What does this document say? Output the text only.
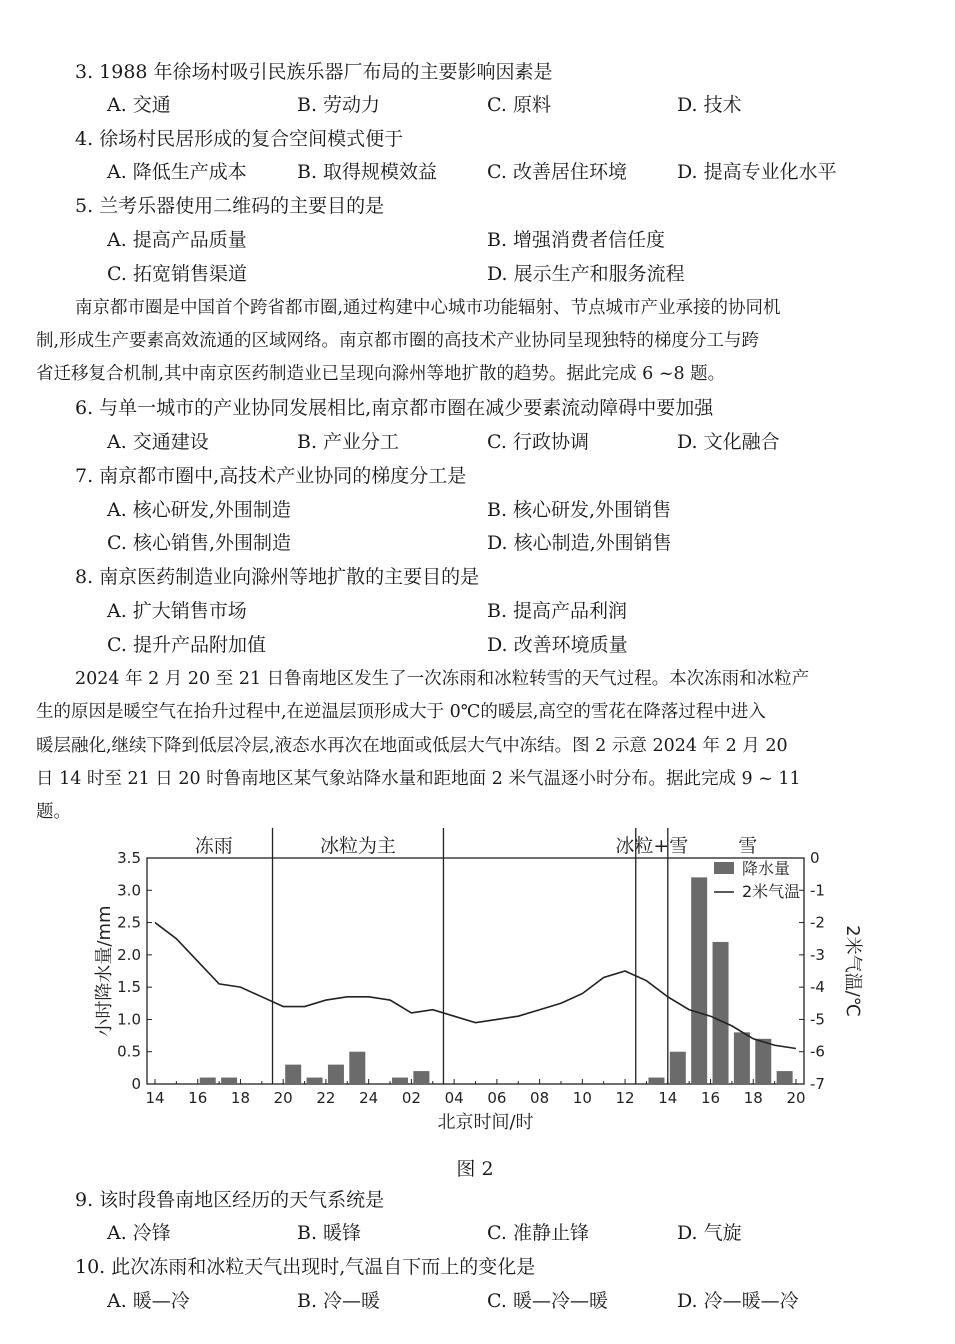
3. 1988 年徐场村吸引民族乐器厂布局的主要影响因素是
A. 交通	B. 劳动力	C. 原料	D. 技术
4. 徐场村民居形成的复合空间模式便于
A. 降低生产成本	B. 取得规模效益	C. 改善居住环境	D. 提高专业化水平
5. 兰考乐器使用二维码的主要目的是
A. 提高产品质量	B. 增强消费者信任度
C. 拓宽销售渠道	D. 展示生产和服务流程
南京都市圈是中国首个跨省都市圈,通过构建中心城市功能辐射、节点城市产业承接的协同机
制,形成生产要素高效流通的区域网络。南京都市圈的高技术产业协同呈现独特的梯度分工与跨
省迁移复合机制,其中南京医药制造业已呈现向滁州等地扩散的趋势。据此完成 6 ~8 题。
6. 与单一城市的产业协同发展相比,南京都市圈在减少要素流动障碍中要加强
A. 交通建设	B. 产业分工	C. 行政协调	D. 文化融合
7. 南京都市圈中,高技术产业协同的梯度分工是
A. 核心研发,外围制造	B. 核心研发,外围销售
C. 核心销售,外围制造	D. 核心制造,外围销售
8. 南京医药制造业向滁州等地扩散的主要目的是
A. 扩大销售市场	B. 提高产品利润
C. 提升产品附加值	D. 改善环境质量
2024 年 2 月 20 至 21 日鲁南地区发生了一次冻雨和冰粒转雪的天气过程。本次冻雨和冰粒产
生的原因是暖空气在抬升过程中,在逆温层顶形成大于 0℃的暖层,高空的雪花在降落过程中进入
暖层融化,继续下降到低层冷层,液态水再次在地面或低层大气中冻结。图 2 示意 2024 年 2 月 20
日 14 时至 21 日 20 时鲁南地区某气象站降水量和距地面 2 米气温逐小时分布。据此完成 9 ~ 11
题。
冻雨	冰粒为主	冰粒+雪	雪
0
0.5
1.0
1.5
2.0
2.5
3.0
3.5	0
-1
-2
-3
-4
-5
-6
-7
14 16 18 20 22 24 02 04 06 08 10 12 14 16 18 20
小时降水量/mm	2米气温/℃
北京时间/时
降水量
2米气温
图 2
9. 该时段鲁南地区经历的天气系统是
A. 冷锋	B. 暖锋	C. 准静止锋	D. 气旋
10. 此次冻雨和冰粒天气出现时,气温自下而上的变化是
A. 暖—冷	B. 冷—暖	C. 暖—冷—暖	D. 冷—暖—冷
